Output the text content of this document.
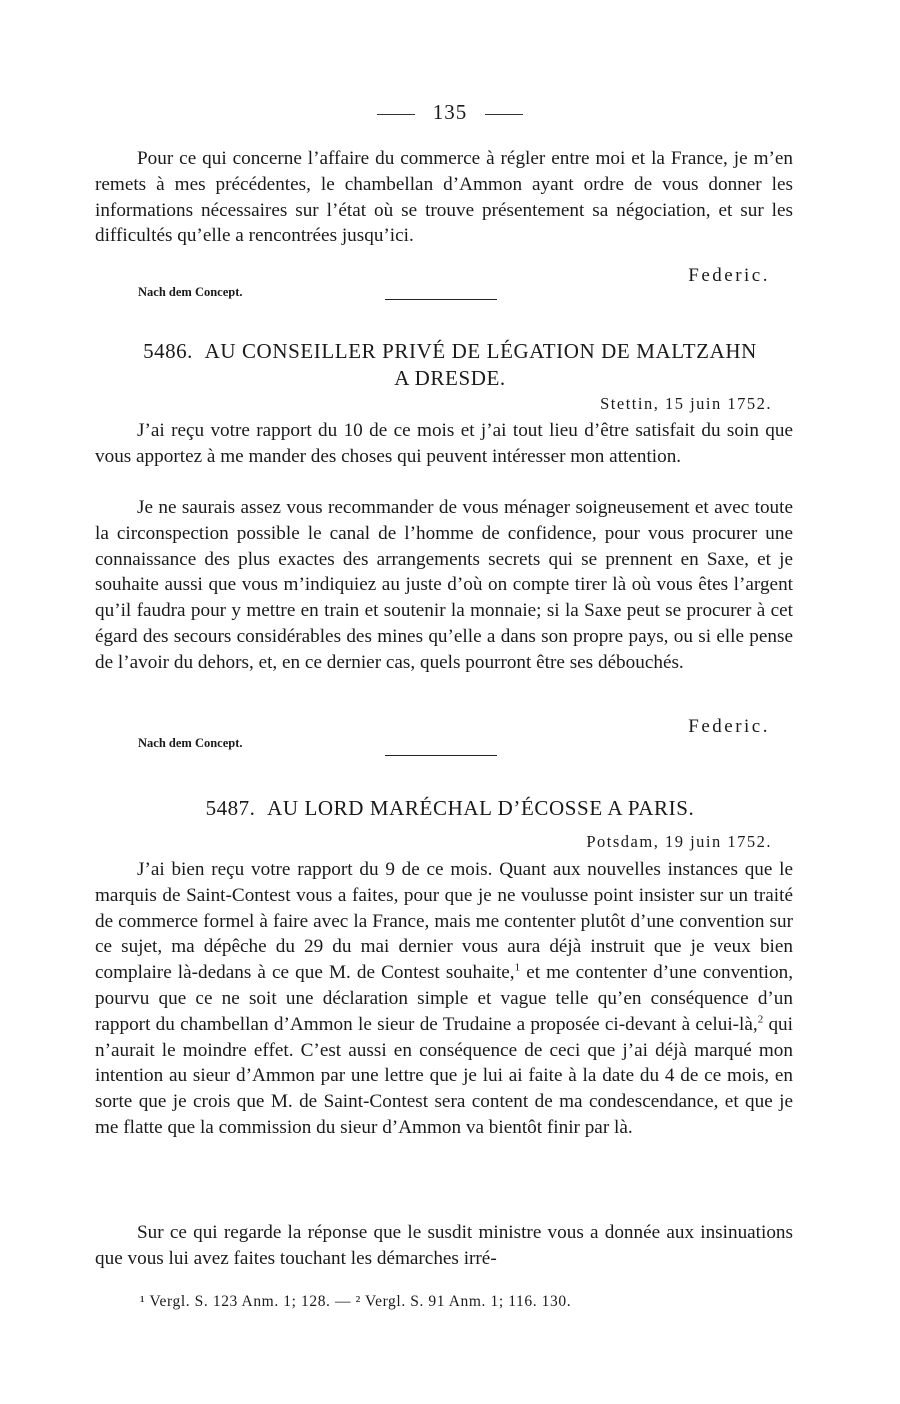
135
Pour ce qui concerne l’affaire du commerce à régler entre moi et la France, je m’en remets à mes précédentes, le chambellan d’Ammon ayant ordre de vous donner les informations nécessaires sur l’état où se trouve présentement sa négociation, et sur les difficultés qu’elle a rencontrées jusqu’ici.
Federic.
Nach dem Concept.
5486. AU CONSEILLER PRIVÉ DE LÉGATION DE MALTZAHN
A DRESDE.
Stettin, 15 juin 1752.
J’ai reçu votre rapport du 10 de ce mois et j’ai tout lieu d’être satisfait du soin que vous apportez à me mander des choses qui peuvent intéresser mon attention.
Je ne saurais assez vous recommander de vous ménager soigneusement et avec toute la circonspection possible le canal de l’homme de confidence, pour vous procurer une connaissance des plus exactes des arrangements secrets qui se prennent en Saxe, et je souhaite aussi que vous m’indiquiez au juste d’où on compte tirer là où vous êtes l’argent qu’il faudra pour y mettre en train et soutenir la monnaie; si la Saxe peut se procurer à cet égard des secours considérables des mines qu’elle a dans son propre pays, ou si elle pense de l’avoir du dehors, et, en ce dernier cas, quels pourront être ses débouchés.
Federic.
Nach dem Concept.
5487. AU LORD MARÉCHAL D’ÉCOSSE A PARIS.
Potsdam, 19 juin 1752.
J’ai bien reçu votre rapport du 9 de ce mois. Quant aux nouvelles instances que le marquis de Saint-Contest vous a faites, pour que je ne voulusse point insister sur un traité de commerce formel à faire avec la France, mais me contenter plutôt d’une convention sur ce sujet, ma dépêche du 29 du mai dernier vous aura déjà instruit que je veux bien complaire là-dedans à ce que M. de Contest souhaite,$^1$ et me contenter d’une convention, pourvu que ce ne soit une déclaration simple et vague telle qu’en conséquence d’un rapport du chambellan d’Ammon le sieur de Trudaine a proposée ci-devant à celui-là,$^2$ qui n’aurait le moindre effet. C’est aussi en conséquence de ceci que j’ai déjà marqué mon intention au sieur d’Ammon par une lettre que je lui ai faite à la date du 4 de ce mois, en sorte que je crois que M. de Saint-Contest sera content de ma condescendance, et que je me flatte que la commission du sieur d’Ammon va bientôt finir par là.
Sur ce qui regarde la réponse que le susdit ministre vous a donnée aux insinuations que vous lui avez faites touchant les démarches irré-
¹ Vergl. S. 123 Anm. 1; 128. — ² Vergl. S. 91 Anm. 1; 116. 130.
